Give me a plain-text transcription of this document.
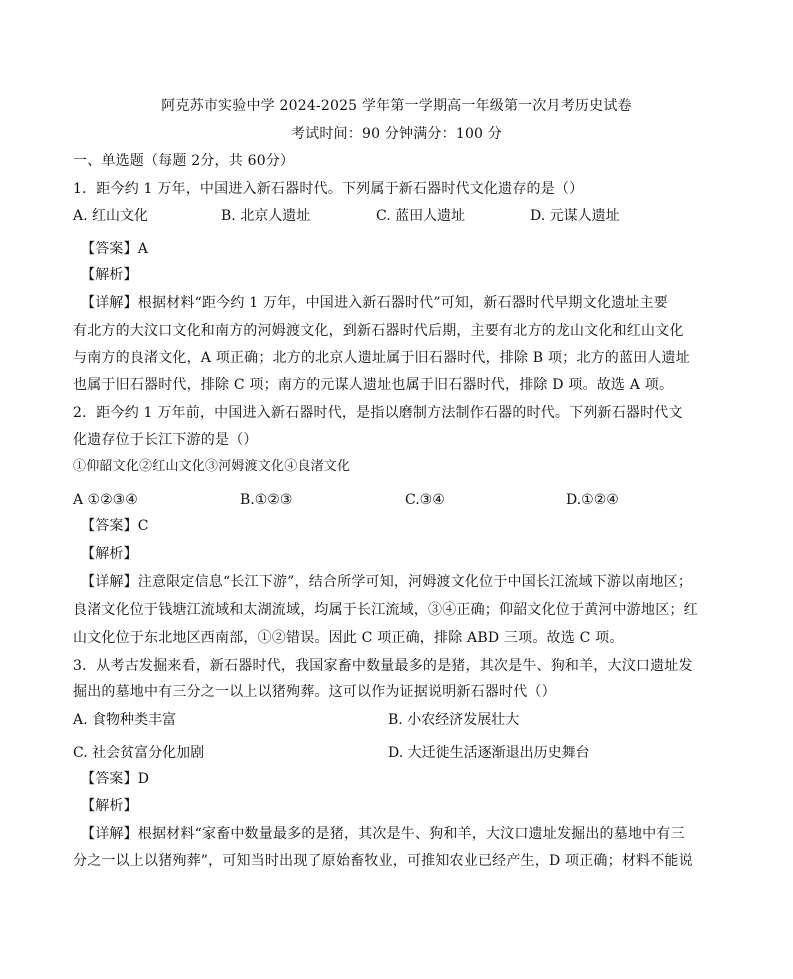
阿克苏市实验中学 2024-2025 学年第一学期高一年级第一次月考历史试卷
考试时间：90 分钟满分：100 分
一、单选题（每题 2分，共 60分）
1．距今约 1 万年，中国进入新石器时代。下列属于新石器时代文化遗存的是（）
A. 红山文化	B. 北京人遗址	C. 蓝田人遗址	D. 元谋人遗址
【答案】A
【解析】
【详解】根据材料“距今约 1 万年，中国进入新石器时代”可知，新石器时代早期文化遗址主要
有北方的大汶口文化和南方的河姆渡文化，到新石器时代后期，主要有北方的龙山文化和红山文化
与南方的良渚文化，A 项正确；北方的北京人遗址属于旧石器时代，排除 B 项；北方的蓝田人遗址
也属于旧石器时代，排除 C 项；南方的元谋人遗址也属于旧石器时代，排除 D 项。故选 A 项。
2．距今约 1 万年前，中国进入新石器时代，是指以磨制方法制作石器的时代。下列新石器时代文
化遗存位于长江下游的是（）
①仰韶文化②红山文化③河姆渡文化④良渚文化
A ①②③④	B.①②③	C.③④	D.①②④
【答案】C
【解析】
【详解】注意限定信息“长江下游”，结合所学可知，河姆渡文化位于中国长江流域下游以南地区；
良渚文化位于钱塘江流域和太湖流域，均属于长江流域，③④正确；仰韶文化位于黄河中游地区；红
山文化位于东北地区西南部，①②错误。因此 C 项正确，排除 ABD 三项。故选 C 项。
3．从考古发掘来看，新石器时代，我国家畜中数量最多的是猪，其次是牛、狗和羊，大汶口遗址发
掘出的墓地中有三分之一以上以猪殉葬。这可以作为证据说明新石器时代（）
A. 食物种类丰富	B. 小农经济发展壮大
C. 社会贫富分化加剧	D. 大迁徙生活逐渐退出历史舞台
【答案】D
【解析】
【详解】根据材料“家畜中数量最多的是猪，其次是牛、狗和羊，大汶口遗址发掘出的墓地中有三
分之一以上以猪殉葬”，可知当时出现了原始畜牧业，可推知农业已经产生，D 项正确；材料不能说
